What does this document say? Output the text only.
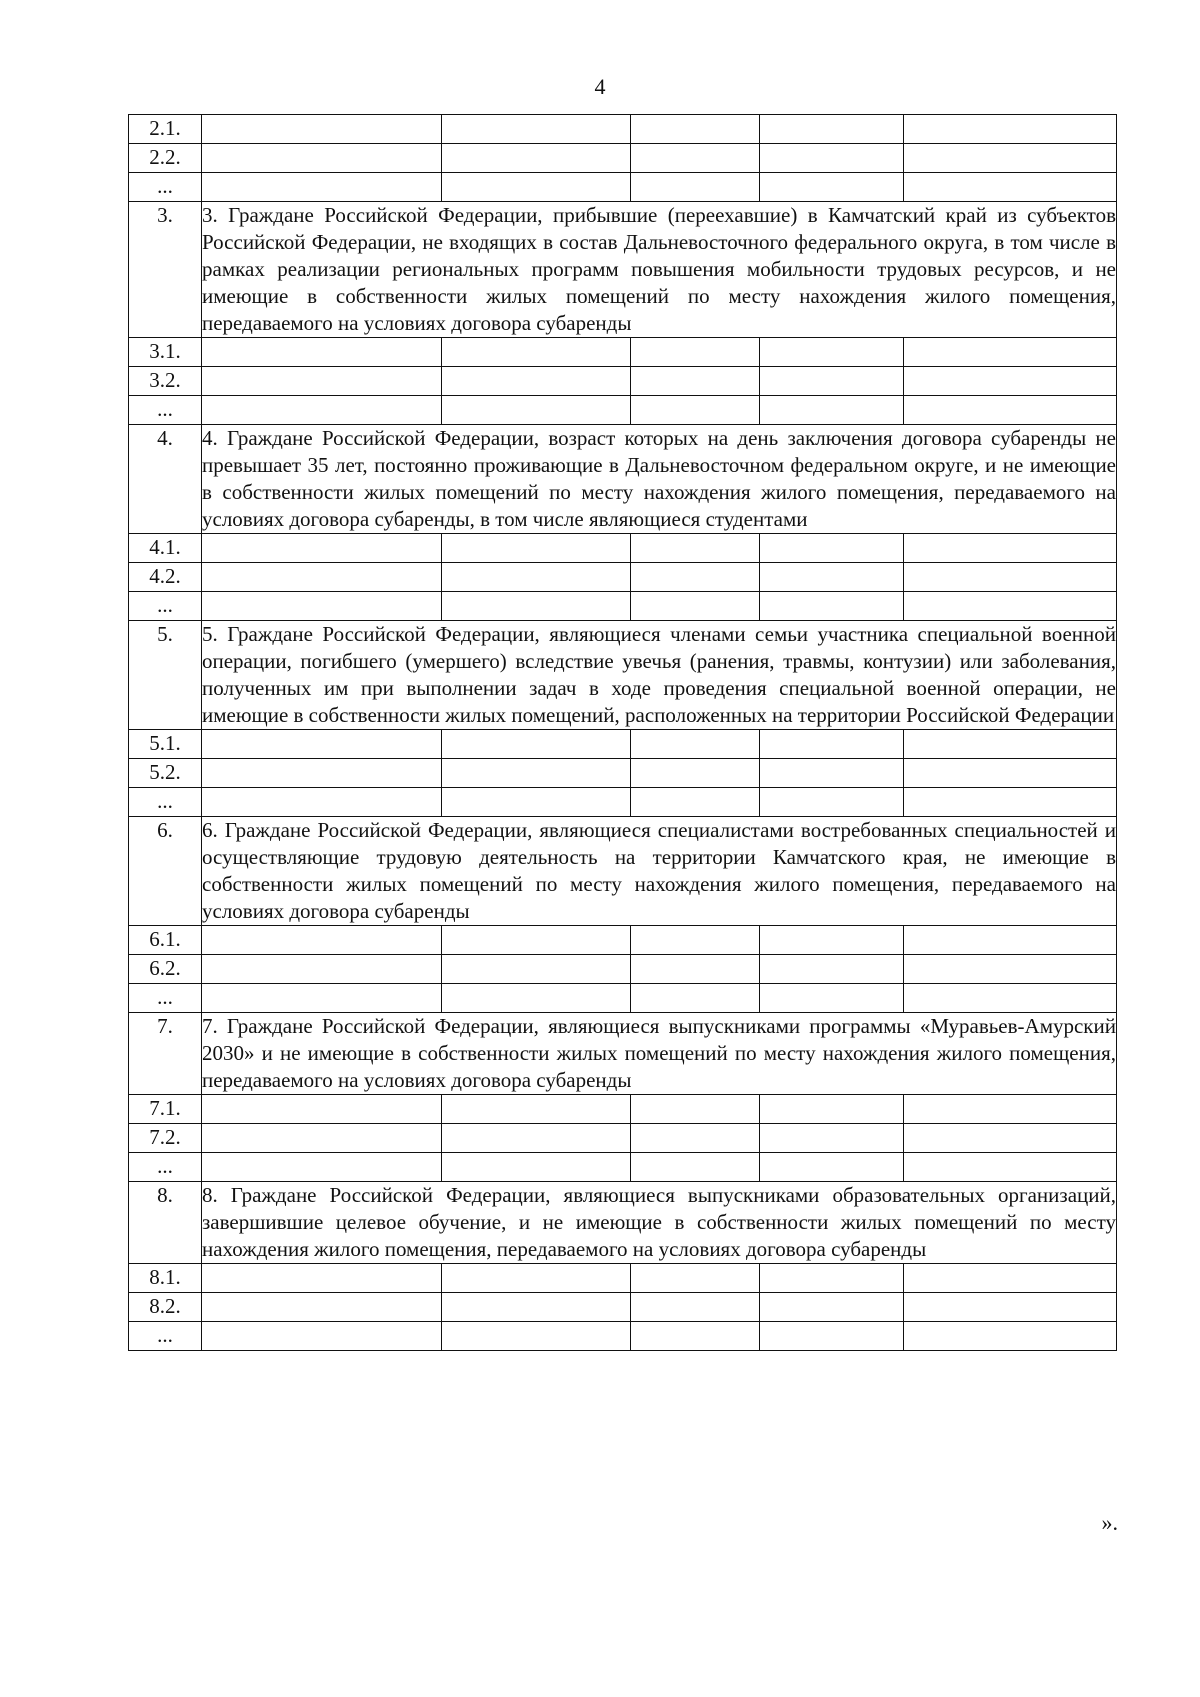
4
2.1.					
2.2.					
...					
3.	3. Граждане Российской Федерации, прибывшие (переехавшие) в Камчатский край из субъектов Российской Федерации, не входящих в состав Дальневосточного федерального округа, в том числе в рамках реализации региональных программ повышения мобильности трудовых ресурсов, и не имеющие в собственности жилых помещений по месту нахождения жилого помещения, передаваемого на условиях договора субаренды				
3.1.					
3.2.					
...					
4.	4. Граждане Российской Федерации, возраст которых на день заключения договора субаренды не превышает 35 лет, постоянно проживающие в Дальневосточном федеральном округе, и не имеющие в собственности жилых помещений по месту нахождения жилого помещения, передаваемого на условиях договора субаренды, в том числе являющиеся студентами				
4.1.					
4.2.					
...					
5.	5. Граждане Российской Федерации, являющиеся членами семьи участника специальной военной операции, погибшего (умершего) вследствие увечья (ранения, травмы, контузии) или заболевания, полученных им при выполнении задач в ходе проведения специальной военной операции, не имеющие в собственности жилых помещений, расположенных на территории Российской Федерации				
5.1.					
5.2.					
...					
6.	6. Граждане Российской Федерации, являющиеся специалистами востребованных специальностей и осуществляющие трудовую деятельность на территории Камчатского края, не имеющие в собственности жилых помещений по месту нахождения жилого помещения, передаваемого на условиях договора субаренды				
6.1.					
6.2.					
...					
7.	7. Граждане Российской Федерации, являющиеся выпускниками программы «Муравьев-Амурский 2030» и не имеющие в собственности жилых помещений по месту нахождения жилого помещения, передаваемого на условиях договора субаренды				
7.1.					
7.2.					
...					
8.	8. Граждане Российской Федерации, являющиеся выпускниками образовательных организаций, завершившие целевое обучение, и не имеющие в собственности жилых помещений по месту нахождения жилого помещения, передаваемого на условиях договора субаренды				
8.1.					
8.2.					
...					
».
